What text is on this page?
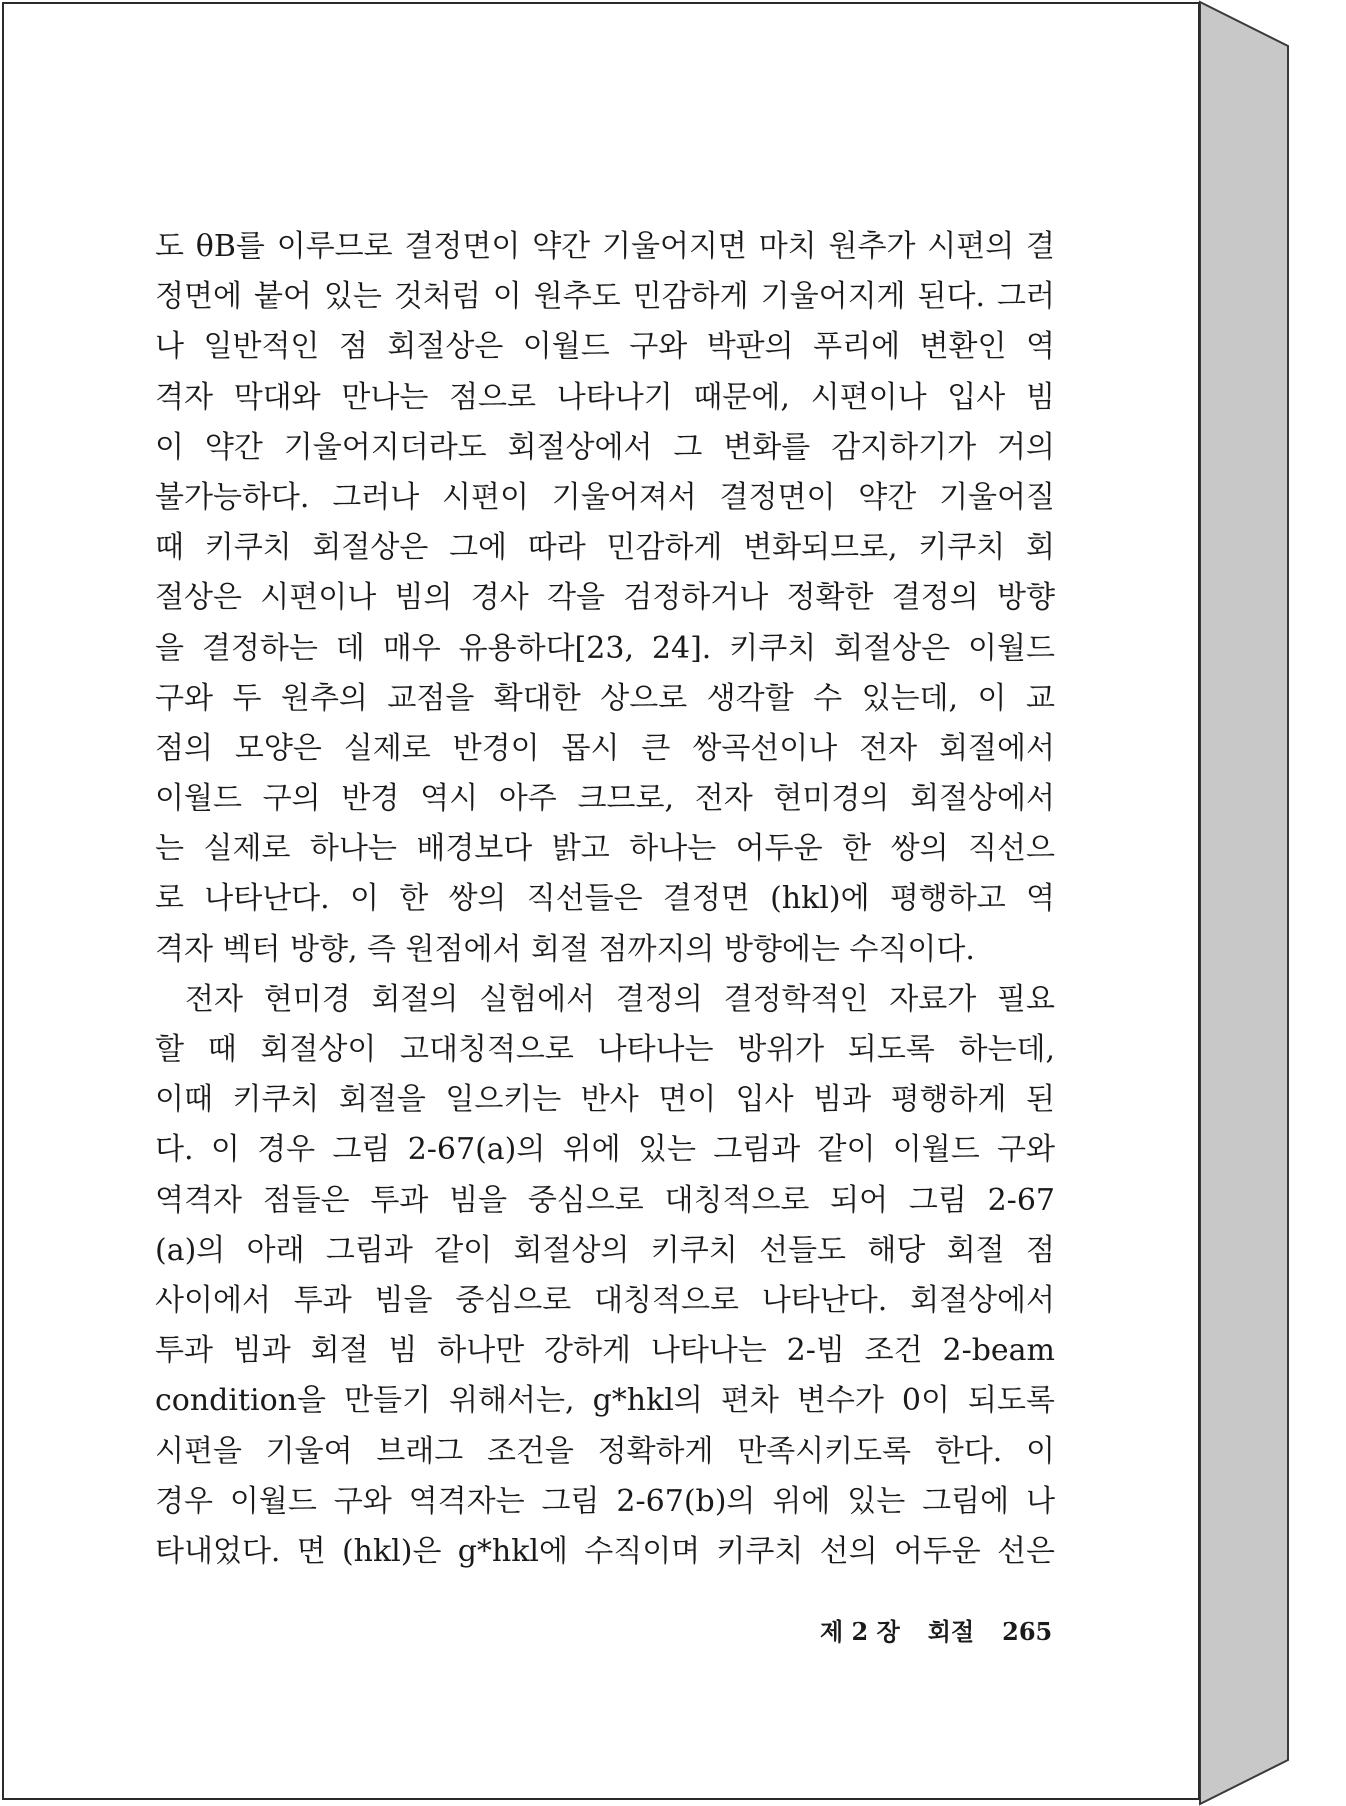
도 θB를 이루므로 결정면이 약간 기울어지면 마치 원추가 시편의 결
정면에 붙어 있는 것처럼 이 원추도 민감하게 기울어지게 된다. 그러
나 일반적인 점 회절상은 이월드 구와 박판의 푸리에 변환인 역
격자 막대와 만나는 점으로 나타나기 때문에, 시편이나 입사 빔
이 약간 기울어지더라도 회절상에서 그 변화를 감지하기가 거의
불가능하다. 그러나 시편이 기울어져서 결정면이 약간 기울어질
때 키쿠치 회절상은 그에 따라 민감하게 변화되므로, 키쿠치 회
절상은 시편이나 빔의 경사 각을 검정하거나 정확한 결정의 방향
을 결정하는 데 매우 유용하다[23, 24]. 키쿠치 회절상은 이월드
구와 두 원추의 교점을 확대한 상으로 생각할 수 있는데, 이 교
점의 모양은 실제로 반경이 몹시 큰 쌍곡선이나 전자 회절에서
이월드 구의 반경 역시 아주 크므로, 전자 현미경의 회절상에서
는 실제로 하나는 배경보다 밝고 하나는 어두운 한 쌍의 직선으
로 나타난다. 이 한 쌍의 직선들은 결정면 (hkl)에 평행하고 역
격자 벡터 방향, 즉 원점에서 회절 점까지의 방향에는 수직이다.
전자 현미경 회절의 실험에서 결정의 결정학적인 자료가 필요
할 때 회절상이 고대칭적으로 나타나는 방위가 되도록 하는데,
이때 키쿠치 회절을 일으키는 반사 면이 입사 빔과 평행하게 된
다. 이 경우 그림 2-67(a)의 위에 있는 그림과 같이 이월드 구와
역격자 점들은 투과 빔을 중심으로 대칭적으로 되어 그림 2-67
(a)의 아래 그림과 같이 회절상의 키쿠치 선들도 해당 회절 점
사이에서 투과 빔을 중심으로 대칭적으로 나타난다. 회절상에서
투과 빔과 회절 빔 하나만 강하게 나타나는 2-빔 조건 2-beam
condition을 만들기 위해서는, g*hkl의 편차 변수가 0이 되도록
시편을 기울여 브래그 조건을 정확하게 만족시키도록 한다. 이
경우 이월드 구와 역격자는 그림 2-67(b)의 위에 있는 그림에 나
타내었다. 면 (hkl)은 g*hkl에 수직이며 키쿠치 선의 어두운 선은
제 2 장 회절 265
